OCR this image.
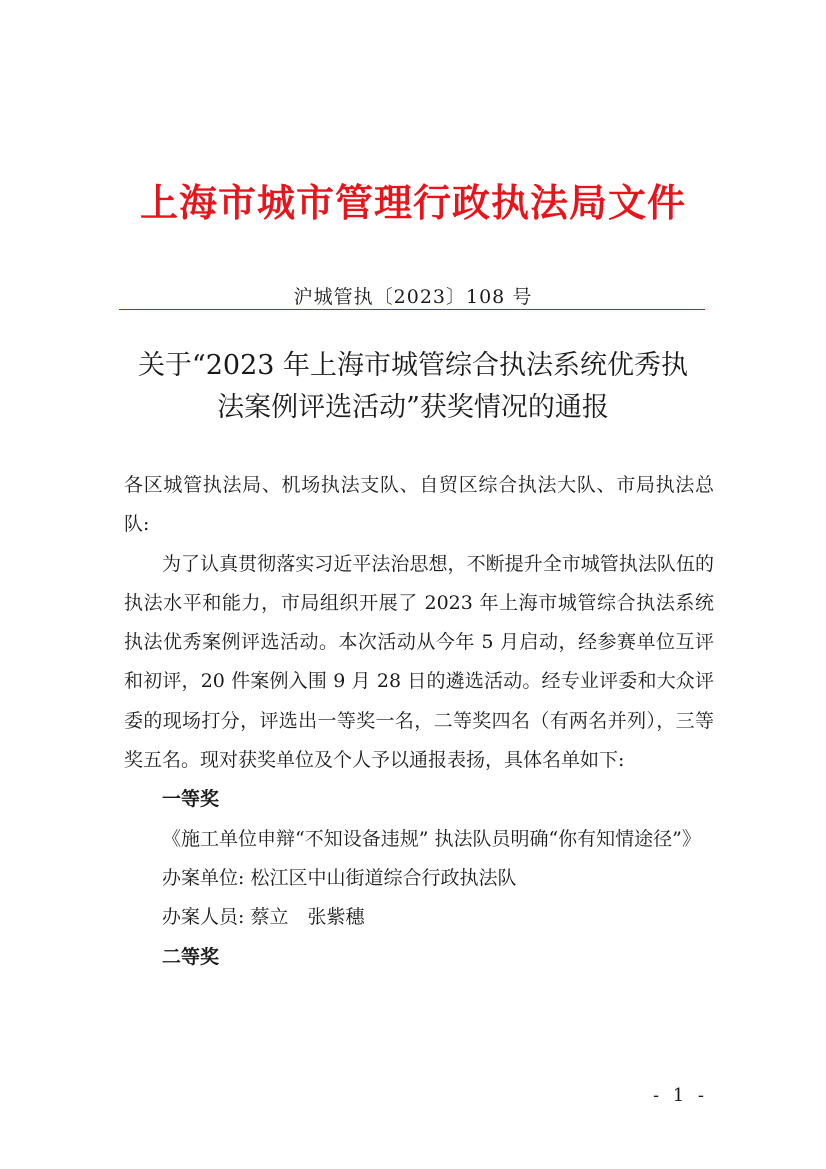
上海市城市管理行政执法局文件
沪城管执〔2023〕108 号
关于“2023 年上海市城管综合执法系统优秀执
法案例评选活动”获奖情况的通报

各区城管执法局、机场执法支队、自贸区综合执法大队、市局执法总队:

为了认真贯彻落实习近平法治思想，不断提升全市城管执法队伍的执法水平和能力，市局组织开展了 2023 年上海市城管综合执法系统执法优秀案例评选活动。本次活动从今年 5 月启动，经参赛单位互评和初评，20 件案例入围 9 月 28 日的遴选活动。经专业评委和大众评委的现场打分，评选出一等奖一名，二等奖四名（有两名并列），三等奖五名。现对获奖单位及个人予以通报表扬，具体名单如下:

一等奖

《施工单位申辩“不知设备违规” 执法队员明确“你有知情途径”》

办案单位: 松江区中山街道综合行政执法队

办案人员: 蔡立　张紫穗

二等奖

- 1 -
